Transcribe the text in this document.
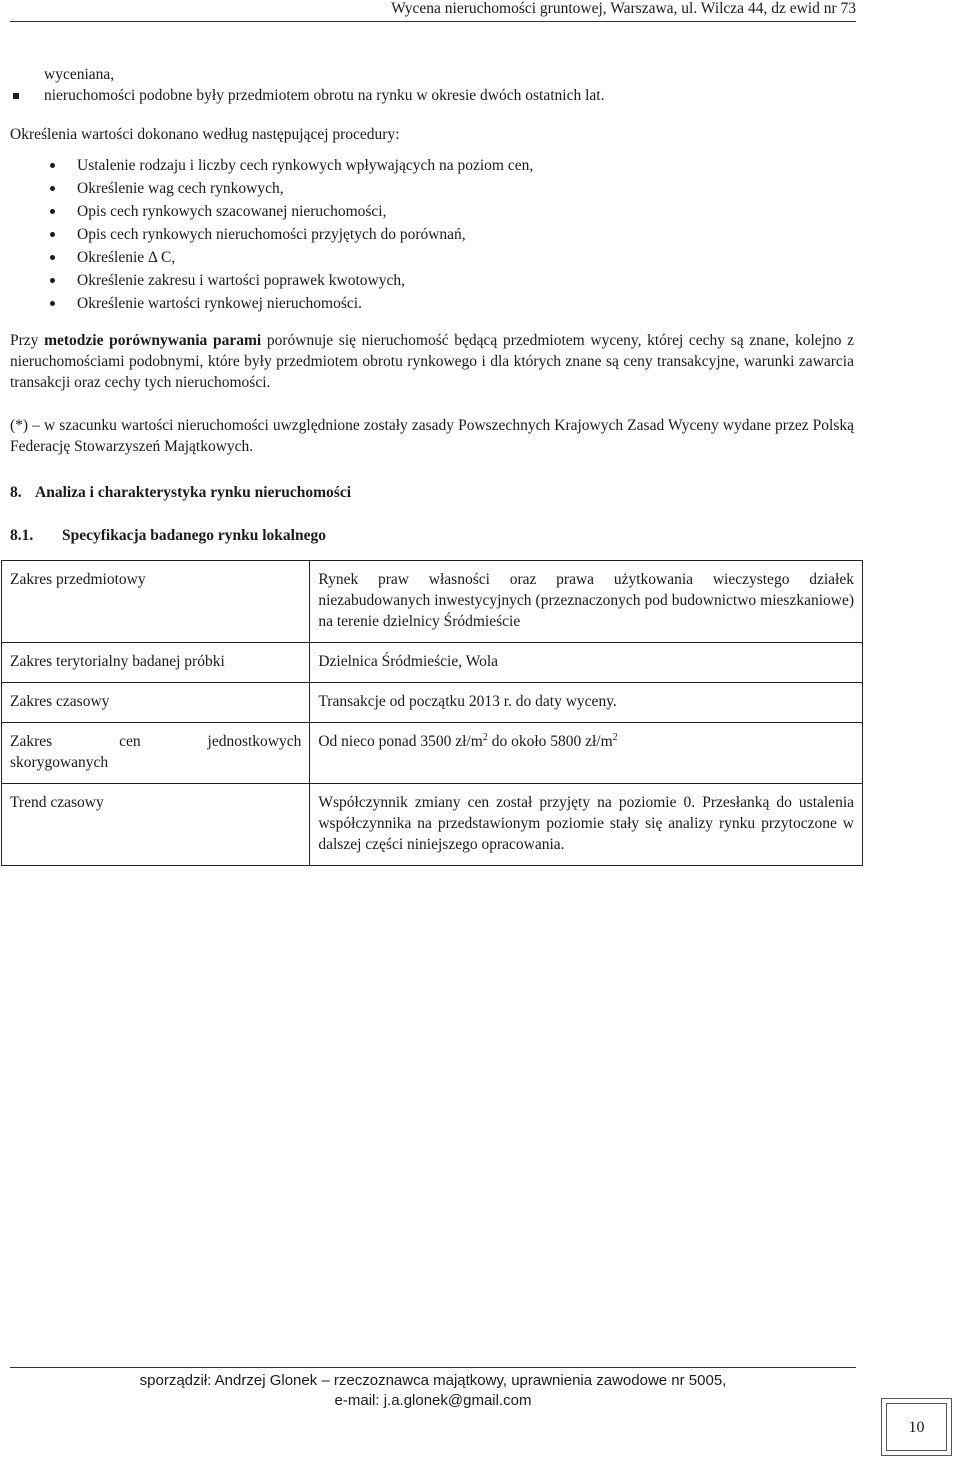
Wycena nieruchomości gruntowej, Warszawa, ul. Wilcza 44, dz ewid nr 73
wyceniana,
nieruchomości podobne były przedmiotem obrotu na rynku w okresie dwóch ostatnich lat.
Określenia wartości dokonano według następującej procedury:
Ustalenie rodzaju i liczby cech rynkowych wpływających na poziom cen,
Określenie wag cech rynkowych,
Opis cech rynkowych szacowanej nieruchomości,
Opis cech rynkowych nieruchomości przyjętych do porównań,
Określenie Δ C,
Określenie zakresu i wartości poprawek kwotowych,
Określenie wartości rynkowej nieruchomości.
Przy metodzie porównywania parami porównuje się nieruchomość będącą przedmiotem wyceny, której cechy są znane, kolejno z nieruchomościami podobnymi, które były przedmiotem obrotu rynkowego i dla których znane są ceny transakcyjne, warunki zawarcia transakcji oraz cechy tych nieruchomości.
(*) – w szacunku wartości nieruchomości uwzględnione zostały zasady Powszechnych Krajowych Zasad Wyceny wydane przez Polską Federację Stowarzyszeń Majątkowych.
8. Analiza i charakterystyka rynku nieruchomości
8.1. Specyfikacja badanego rynku lokalnego
Zakres przedmiotowy	Rynek praw własności oraz prawa użytkowania wieczystego działek niezabudowanych inwestycyjnych (przeznaczonych pod budownictwo mieszkaniowe) na terenie dzielnicy Śródmieście
Zakres terytorialny badanej próbki	Dzielnica Śródmieście, Wola
Zakres czasowy	Transakcje od początku 2013 r. do daty wyceny.

Zakres cen jednostkowych
skorygowanych	Od nieco ponad 3500 $zł/m^2$ do około 5800 $zł/m^2$
Trend czasowy	Współczynnik zmiany cen został przyjęty na poziomie 0. Przesłanką do ustalenia współczynnika na przedstawionym poziomie stały się analizy rynku przytoczone w dalszej części niniejszego opracowania.
sporządził: Andrzej Glonek – rzeczoznawca majątkowy, uprawnienia zawodowe nr 5005,
e-mail: j.a.glonek@gmail.com
10
